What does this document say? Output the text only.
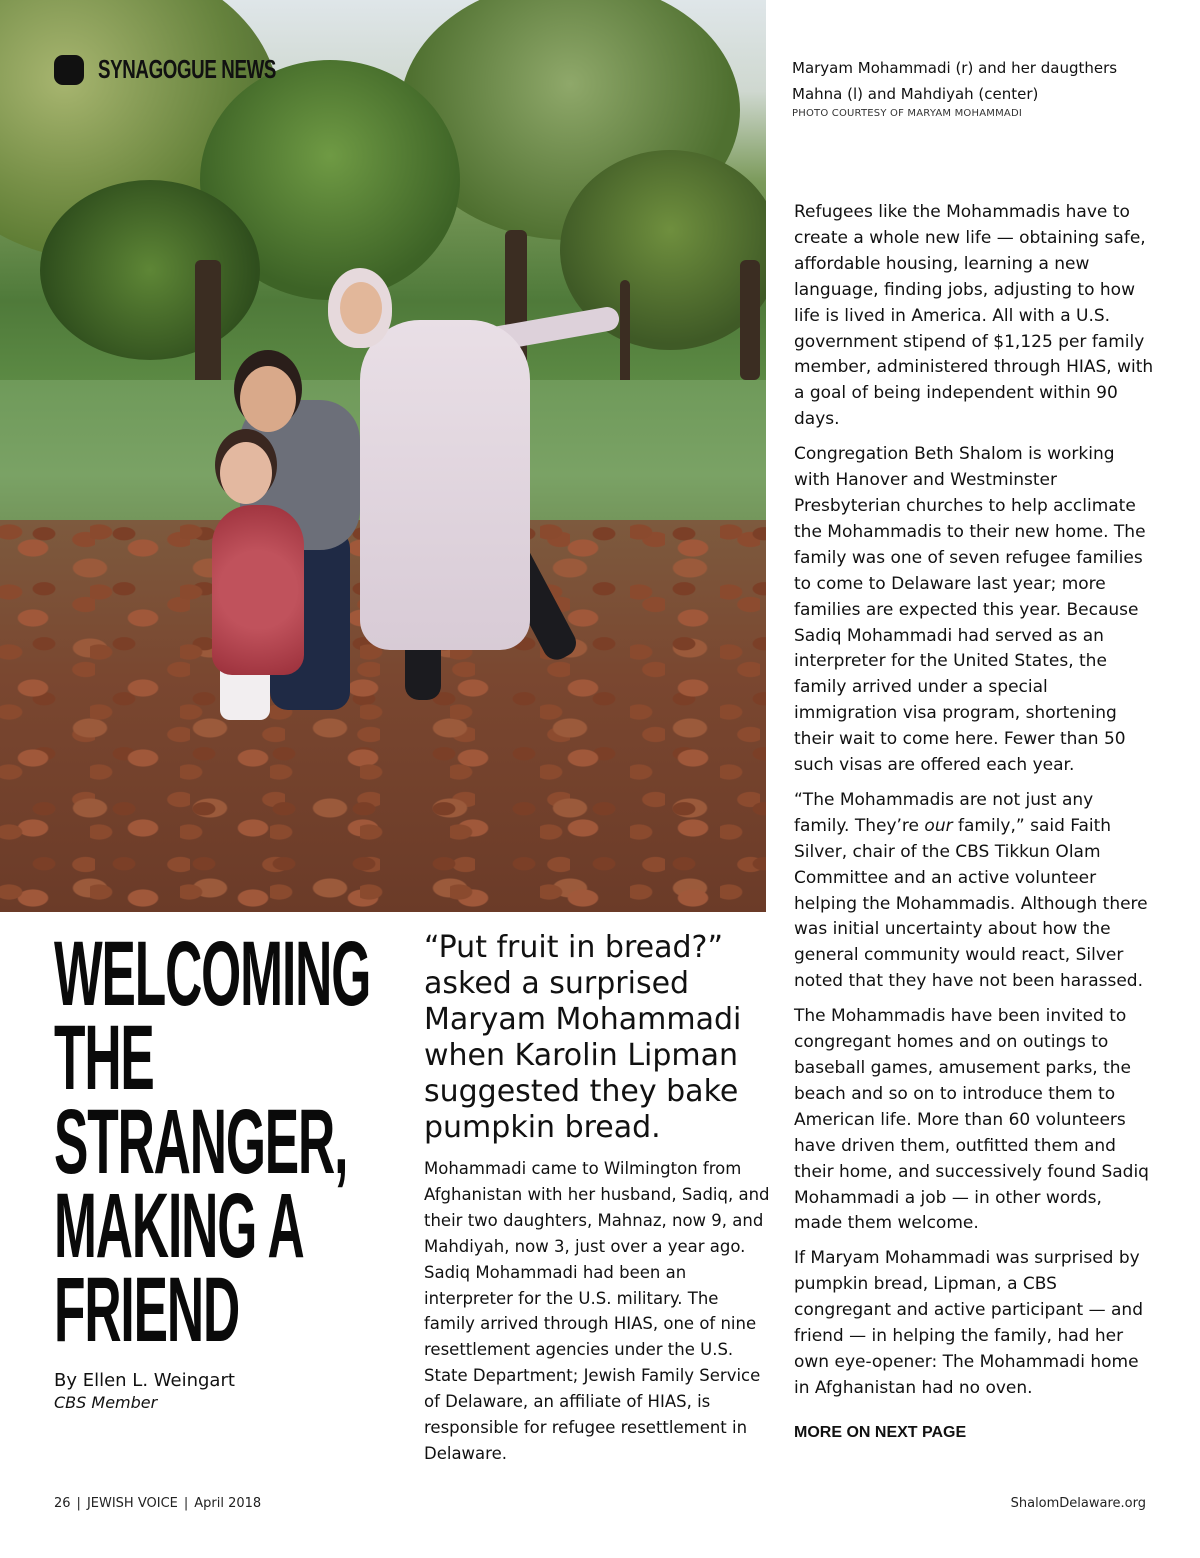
SYNAGOGUE NEWS	Maryam Mohammadi (r) and her daugthers
Mahna (l) and Mahdiyah (center)
PHOTO COURTESY OF MARYAM MOHAMMADI

Refugees like the Mohammadis have to create a whole new life — obtaining safe, affordable housing, learning a new language, finding jobs, adjusting to how life is lived in America. All with a U.S. government stipend of $1,125 per family member, administered through HIAS, with a goal of being independent within 90 days.

Congregation Beth Shalom is working with Hanover and Westminster Presbyterian churches to help acclimate the Mohammadis to their new home. The family was one of seven refugee families to come to Delaware last year; more families are expected this year. Because Sadiq Mohammadi had served as an interpreter for the United States, the family arrived under a special immigration visa program, shortening their wait to come here. Fewer than 50 such visas are offered each year.

“The Mohammadis are not just any family. They’re our family,” said Faith Silver, chair of the CBS Tikkun Olam Committee and an active volunteer helping the Mohammadis. Although there was initial uncertainty about how the general community would react, Silver noted that they have not been harassed.

The Mohammadis have been invited to congregant homes and on outings to baseball games, amusement parks, the beach and so on to introduce them to American life. More than 60 volunteers have driven them, outfitted them and their home, and successively found Sadiq Mohammadi a job — in other words, made them welcome.

If Maryam Mohammadi was surprised by pumpkin bread, Lipman, a CBS congregant and active participant — and friend — in helping the family, had her own eye-opener: The Mohammadi home in Afghanistan had no oven.

MORE ON NEXT PAGE
WELCOMING
THE
STRANGER,
MAKING A
FRIEND
By Ellen L. Weingart
CBS Member
“Put fruit in bread?” asked a surprised Maryam Mohammadi when Karolin Lipman suggested they bake pumpkin bread.
Mohammadi came to Wilmington from Afghanistan with her husband, Sadiq, and their two daughters, Mahnaz, now 9, and Mahdiyah, now 3, just over a year ago. Sadiq Mohammadi had been an interpreter for the U.S. military. The family arrived through HIAS, one of nine resettlement agencies under the U.S. State Department; Jewish Family Service of Delaware, an affiliate of HIAS, is responsible for refugee resettlement in Delaware.
26 | JEWISH VOICE | April 2018	ShalomDelaware.org
